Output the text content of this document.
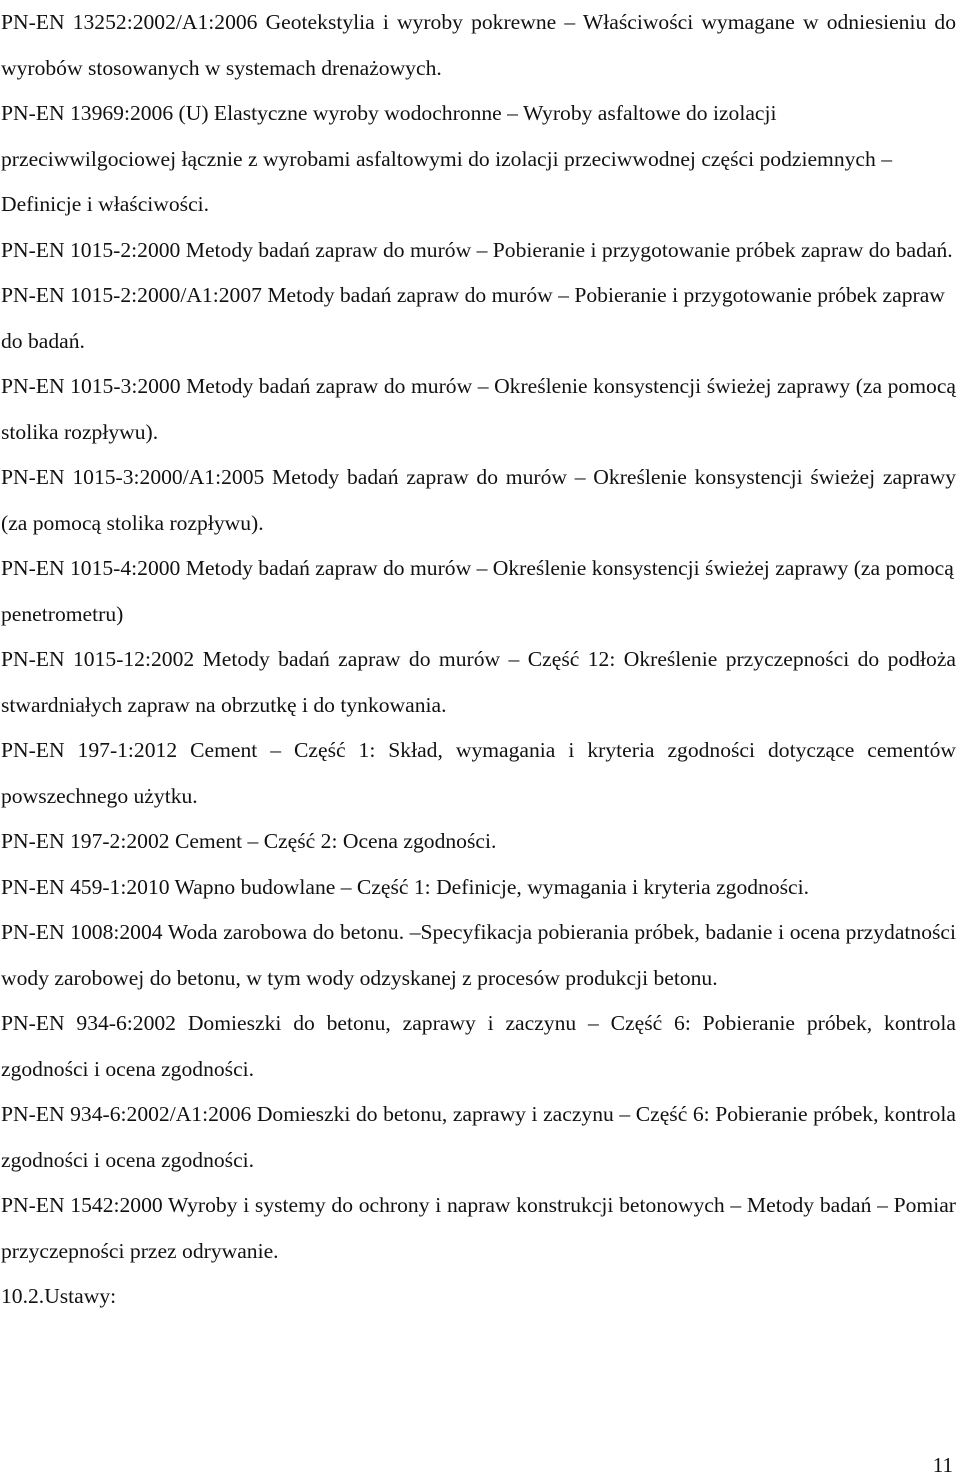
PN-EN 13252:2002/A1:2006 Geotekstylia i wyroby pokrewne – Właściwości wymagane w odniesieniu do wyrobów stosowanych w systemach drenażowych.

PN-EN 13969:2006 (U) Elastyczne wyroby wodochronne – Wyroby asfaltowe do izolacji przeciwwilgociowej łącznie z wyrobami asfaltowymi do izolacji przeciwwodnej części podziemnych – Definicje i właściwości.

PN-EN 1015-2:2000 Metody badań zapraw do murów – Pobieranie i przygotowanie próbek zapraw do badań.

PN-EN 1015-2:2000/A1:2007 Metody badań zapraw do murów – Pobieranie i przygotowanie próbek zapraw do badań.

PN-EN 1015-3:2000 Metody badań zapraw do murów – Określenie konsystencji świeżej zaprawy (za pomocą stolika rozpływu).

PN-EN 1015-3:2000/A1:2005 Metody badań zapraw do murów – Określenie konsystencji świeżej zaprawy (za pomocą stolika rozpływu).

PN-EN 1015-4:2000 Metody badań zapraw do murów – Określenie konsystencji świeżej zaprawy (za pomocą penetrometru)

PN-EN 1015-12:2002 Metody badań zapraw do murów – Część 12: Określenie przyczepności do podłoża stwardniałych zapraw na obrzutkę i do tynkowania.

PN-EN 197-1:2012 Cement – Część 1: Skład, wymagania i kryteria zgodności dotyczące cementów powszechnego użytku.

PN-EN 197-2:2002 Cement – Część 2: Ocena zgodności.

PN-EN 459-1:2010 Wapno budowlane – Część 1: Definicje, wymagania i kryteria zgodności.

PN-EN 1008:2004 Woda zarobowa do betonu. –Specyfikacja pobierania próbek, badanie i ocena przydatności wody zarobowej do betonu, w tym wody odzyskanej z procesów produkcji betonu.

PN-EN 934-6:2002 Domieszki do betonu, zaprawy i zaczynu – Część 6: Pobieranie próbek, kontrola zgodności i ocena zgodności.

PN-EN 934-6:2002/A1:2006 Domieszki do betonu, zaprawy i zaczynu – Część 6: Pobieranie próbek, kontrola zgodności i ocena zgodności.

PN-EN 1542:2000 Wyroby i systemy do ochrony i napraw konstrukcji betonowych – Metody badań – Pomiar przyczepności przez odrywanie.

10.2.Ustawy:

11
